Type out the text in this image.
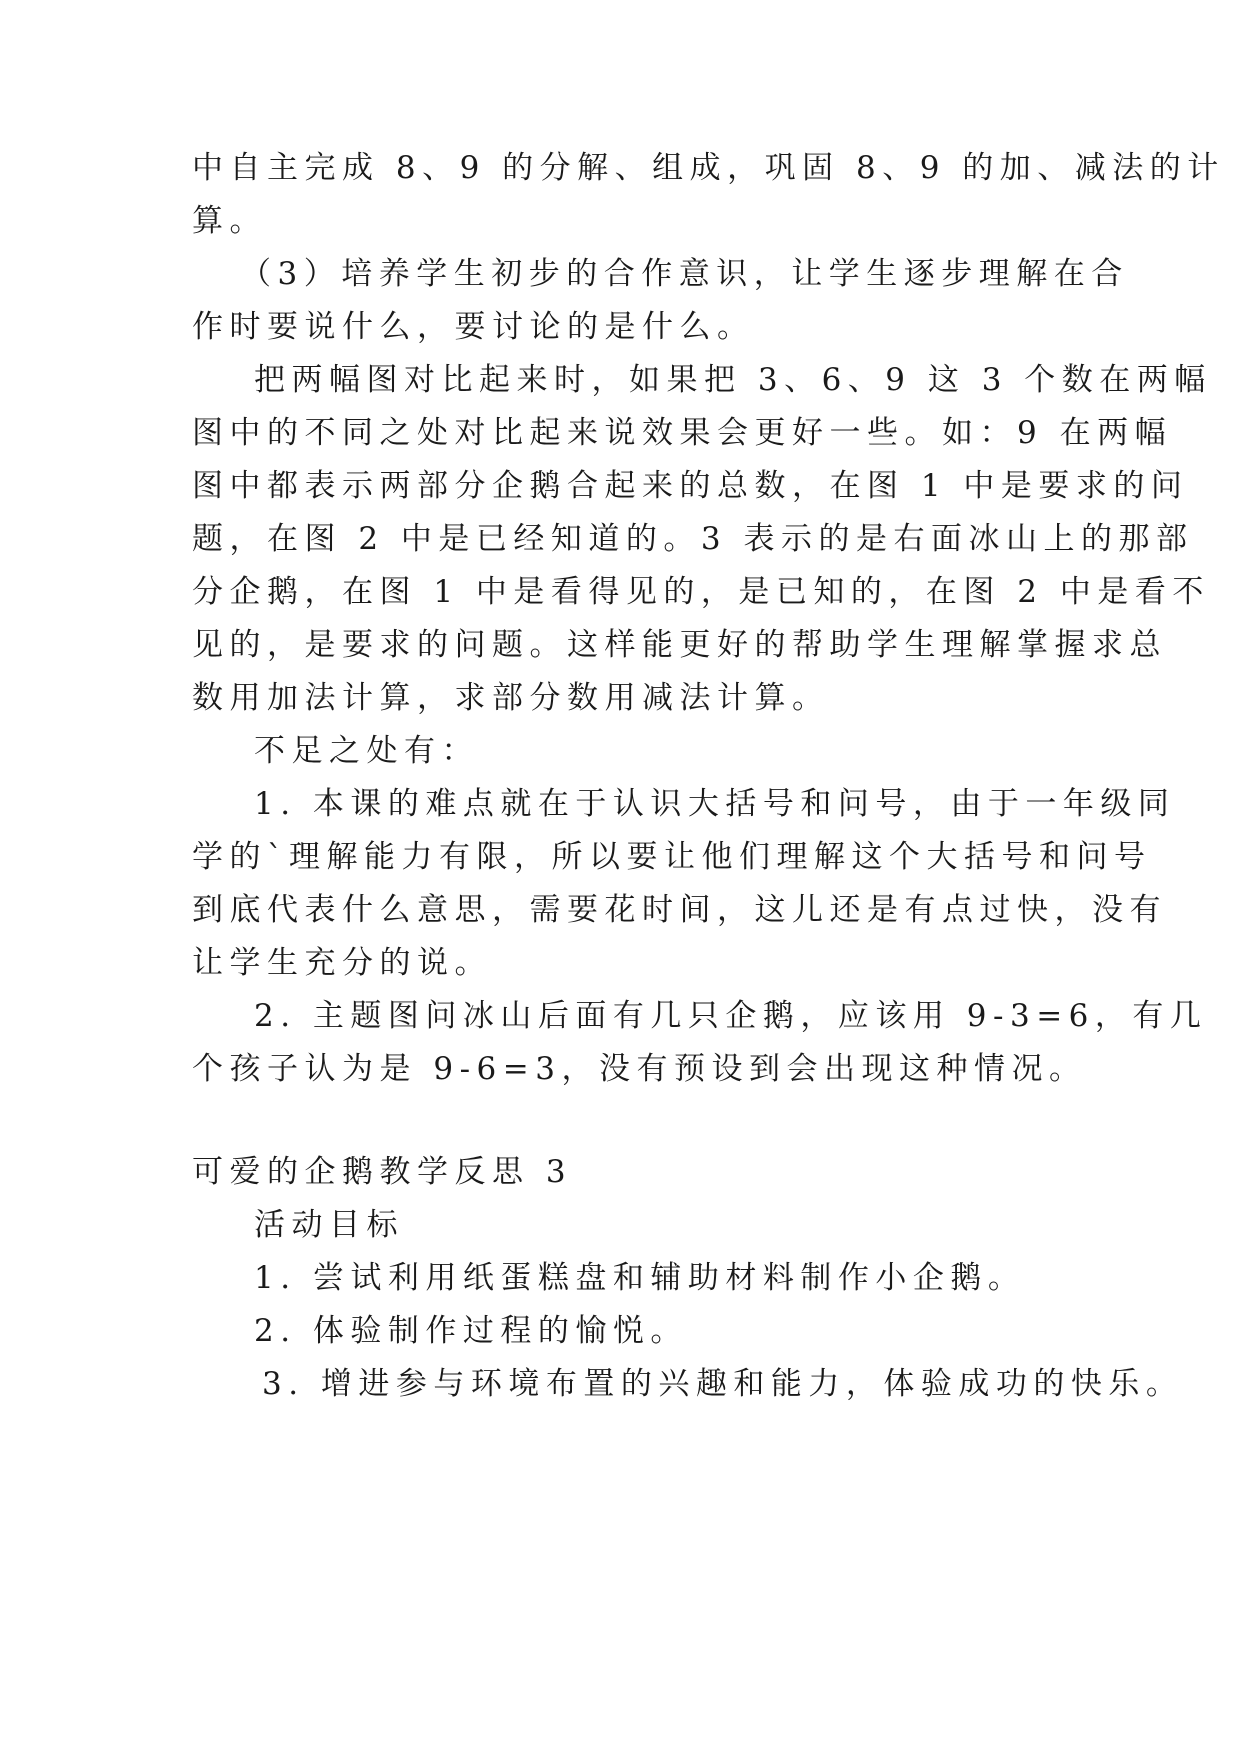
中自主完成 8、9 的分解、组成，巩固 8、9 的加、减法的计
算。
（3）培养学生初步的合作意识，让学生逐步理解在合
作时要说什么，要讨论的是什么。
把两幅图对比起来时，如果把 3、6、9 这 3 个数在两幅
图中的不同之处对比起来说效果会更好一些。如：9 在两幅
图中都表示两部分企鹅合起来的总数，在图 1 中是要求的问
题，在图 2 中是已经知道的。3 表示的是右面冰山上的那部
分企鹅，在图 1 中是看得见的，是已知的，在图 2 中是看不
见的，是要求的问题。这样能更好的帮助学生理解掌握求总
数用加法计算，求部分数用减法计算。
不足之处有：
1. 本课的难点就在于认识大括号和问号，由于一年级同
学的`理解能力有限，所以要让他们理解这个大括号和问号
到底代表什么意思，需要花时间，这儿还是有点过快，没有
让学生充分的说。
2. 主题图问冰山后面有几只企鹅，应该用 9-3=6，有几
个孩子认为是 9-6=3，没有预设到会出现这种情况。
可爱的企鹅教学反思 3
活动目标
1. 尝试利用纸蛋糕盘和辅助材料制作小企鹅。
2. 体验制作过程的愉悦。
3. 增进参与环境布置的兴趣和能力，体验成功的快乐。
